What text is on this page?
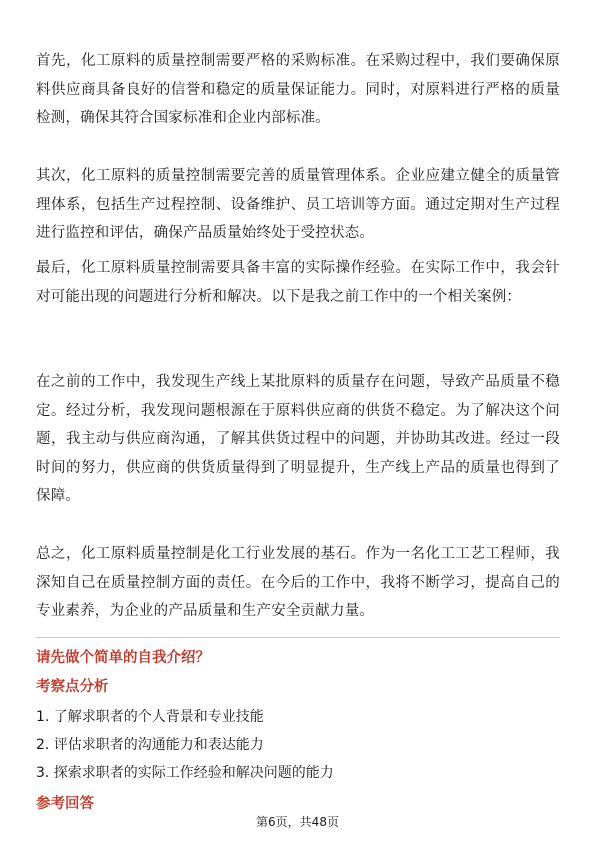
首先，化工原料的质量控制需要严格的采购标准。在采购过程中，我们要确保原料供应商具备良好的信誉和稳定的质量保证能力。同时，对原料进行严格的质量检测，确保其符合国家标准和企业内部标准。

其次，化工原料的质量控制需要完善的质量管理体系。企业应建立健全的质量管理体系，包括生产过程控制、设备维护、员工培训等方面。通过定期对生产过程进行监控和评估，确保产品质量始终处于受控状态。

最后，化工原料质量控制需要具备丰富的实际操作经验。在实际工作中，我会针对可能出现的问题进行分析和解决。以下是我之前工作中的一个相关案例：

在之前的工作中，我发现生产线上某批原料的质量存在问题，导致产品质量不稳定。经过分析，我发现问题根源在于原料供应商的供货不稳定。为了解决这个问题，我主动与供应商沟通，了解其供货过程中的问题，并协助其改进。经过一段时间的努力，供应商的供货质量得到了明显提升，生产线上产品的质量也得到了保障。

总之，化工原料质量控制是化工行业发展的基石。作为一名化工工艺工程师，我深知自己在质量控制方面的责任。在今后的工作中，我将不断学习，提高自己的专业素养，为企业的产品质量和生产安全贡献力量。

请先做个简单的自我介绍？

考察点分析

1. 了解求职者的个人背景和专业技能
2. 评估求职者的沟通能力和表达能力
3. 探索求职者的实际工作经验和解决问题的能力

参考回答

第6页，共48页
